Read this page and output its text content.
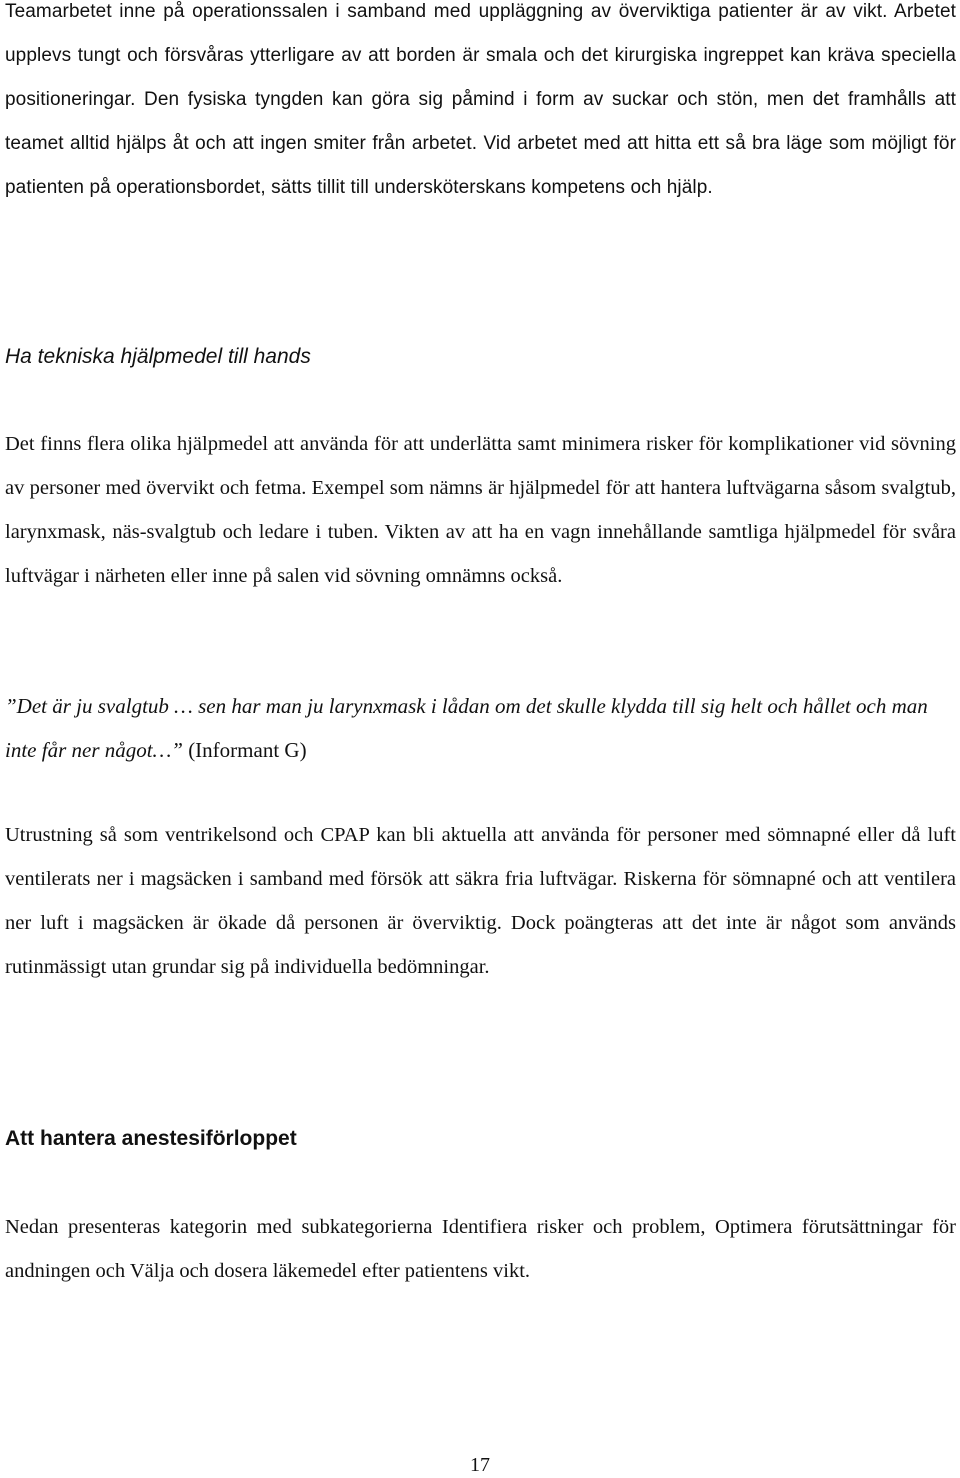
Teamarbetet inne på operationssalen i samband med uppläggning av överviktiga patienter är av vikt. Arbetet upplevs tungt och försvåras ytterligare av att borden är smala och det kirurgiska ingreppet kan kräva speciella positioneringar. Den fysiska tyngden kan göra sig påmind i form av suckar och stön, men det framhålls att teamet alltid hjälps åt och att ingen smiter från arbetet. Vid arbetet med att hitta ett så bra läge som möjligt för patienten på operationsbordet, sätts tillit till undersköterskans kompetens och hjälp.

Ha tekniska hjälpmedel till hands

Det finns flera olika hjälpmedel att använda för att underlätta samt minimera risker för komplikationer vid sövning av personer med övervikt och fetma. Exempel som nämns är hjälpmedel för att hantera luftvägarna såsom svalgtub, larynxmask, näs-svalgtub och ledare i tuben. Vikten av att ha en vagn innehållande samtliga hjälpmedel för svåra luftvägar i närheten eller inne på salen vid sövning omnämns också.

”Det är ju svalgtub … sen har man ju larynxmask i lådan om det skulle klydda till sig helt och hållet och man inte får ner något…” (Informant G)

Utrustning så som ventrikelsond och CPAP kan bli aktuella att använda för personer med sömnapné eller då luft ventilerats ner i magsäcken i samband med försök att säkra fria luftvägar. Riskerna för sömnapné och att ventilera ner luft i magsäcken är ökade då personen är överviktig. Dock poängteras att det inte är något som används rutinmässigt utan grundar sig på individuella bedömningar.

Att hantera anestesiförloppet

Nedan presenteras kategorin med subkategorierna Identifiera risker och problem, Optimera förutsättningar för andningen och Välja och dosera läkemedel efter patientens vikt.

17
